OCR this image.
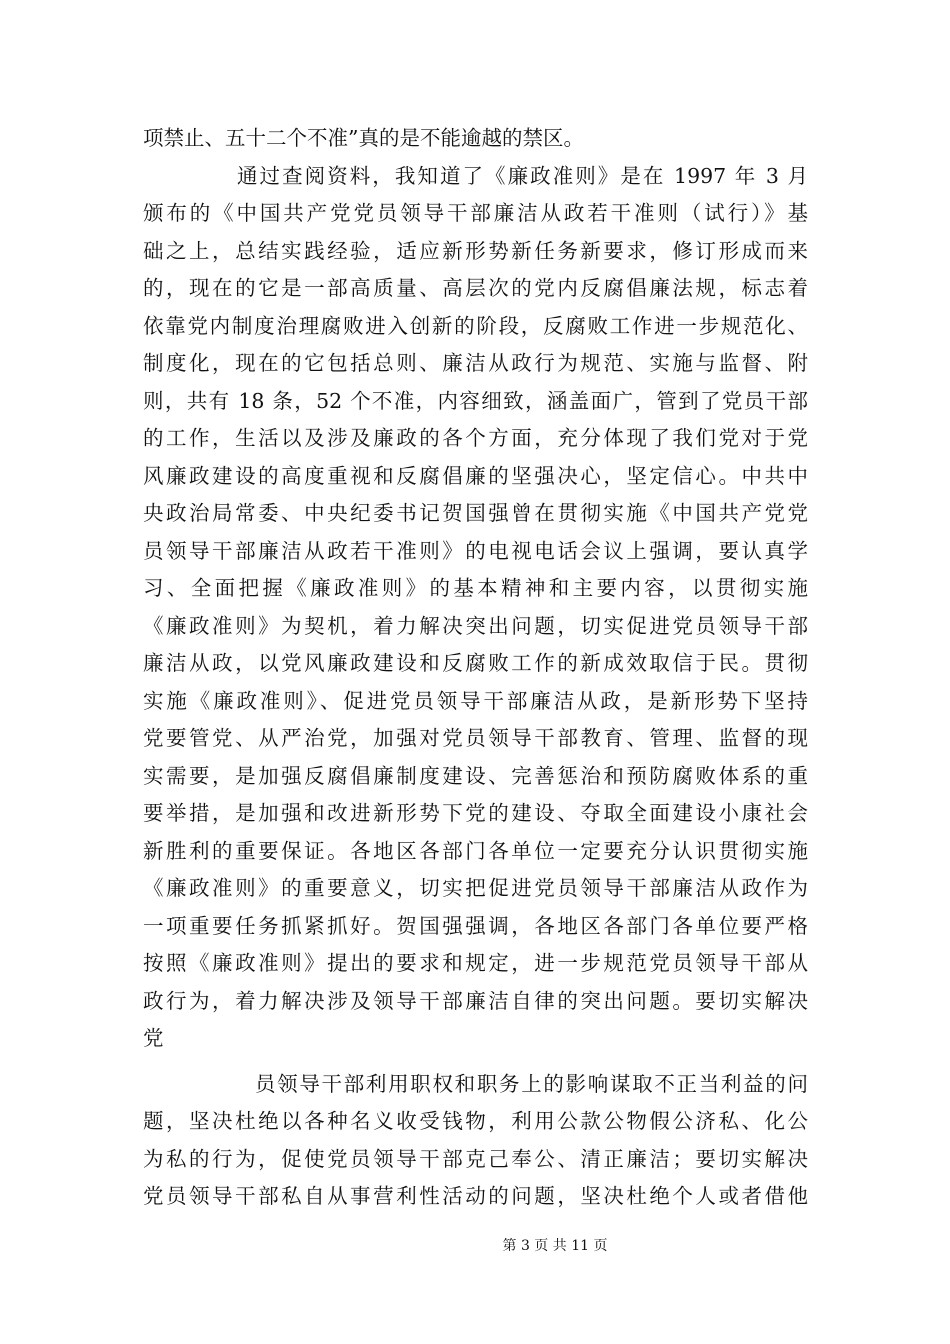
项禁止、五十二个不准”真的是不能逾越的禁区。
通过查阅资料，我知道了《廉政准则》是在 1997 年 3 月
颁布的《中国共产党党员领导干部廉洁从政若干准则（试行）》基
础之上，总结实践经验，适应新形势新任务新要求，修订形成而来
的，现在的它是一部高质量、高层次的党内反腐倡廉法规，标志着
依靠党内制度治理腐败进入创新的阶段，反腐败工作进一步规范化、
制度化，现在的它包括总则、廉洁从政行为规范、实施与监督、附
则，共有 18 条，52 个不准，内容细致，涵盖面广，管到了党员干部
的工作，生活以及涉及廉政的各个方面，充分体现了我们党对于党
风廉政建设的高度重视和反腐倡廉的坚强决心，坚定信心。中共中
央政治局常委、中央纪委书记贺国强曾在贯彻实施《中国共产党党
员领导干部廉洁从政若干准则》的电视电话会议上强调，要认真学
习、全面把握《廉政准则》的基本精神和主要内容，以贯彻实施
《廉政准则》为契机，着力解决突出问题，切实促进党员领导干部
廉洁从政，以党风廉政建设和反腐败工作的新成效取信于民。贯彻
实施《廉政准则》、促进党员领导干部廉洁从政，是新形势下坚持
党要管党、从严治党，加强对党员领导干部教育、管理、监督的现
实需要，是加强反腐倡廉制度建设、完善惩治和预防腐败体系的重
要举措，是加强和改进新形势下党的建设、夺取全面建设小康社会
新胜利的重要保证。各地区各部门各单位一定要充分认识贯彻实施
《廉政准则》的重要意义，切实把促进党员领导干部廉洁从政作为
一项重要任务抓紧抓好。贺国强强调，各地区各部门各单位要严格
按照《廉政准则》提出的要求和规定，进一步规范党员领导干部从
政行为，着力解决涉及领导干部廉洁自律的突出问题。要切实解决
党
员领导干部利用职权和职务上的影响谋取不正当利益的问
题，坚决杜绝以各种名义收受钱物，利用公款公物假公济私、化公
为私的行为，促使党员领导干部克己奉公、清正廉洁；要切实解决
党员领导干部私自从事营利性活动的问题，坚决杜绝个人或者借他
第 3 页 共 11 页
